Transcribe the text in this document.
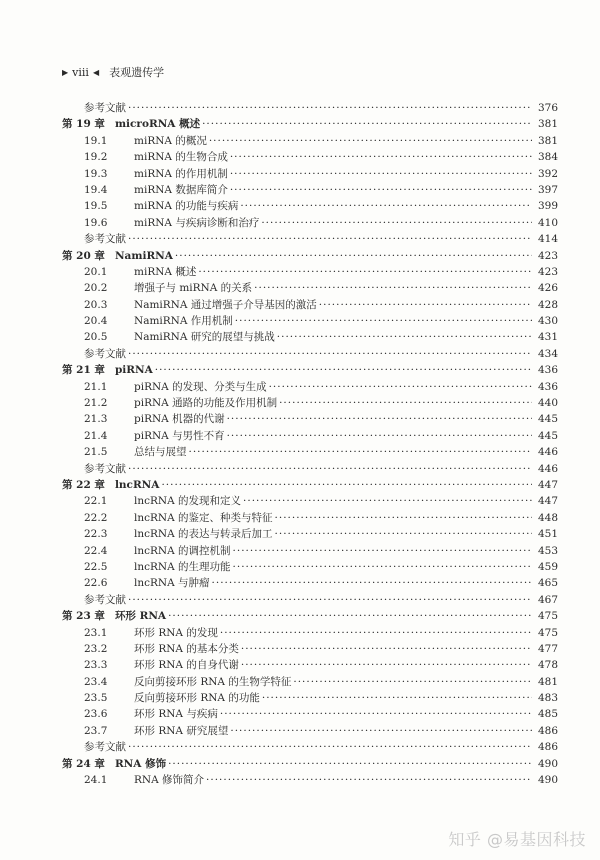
▶ viii ◀ 表观遗传学
参考文献 ·····	376
第 19 章 microRNA 概述 ·····	381
19.1	miRNA 的概况 ·····	381
19.2	miRNA 的生物合成 ·····	384
19.3	miRNA 的作用机制 ·····	392
19.4	miRNA 数据库简介 ·····	397
19.5	miRNA 的功能与疾病 ·····	399
19.6	miRNA 与疾病诊断和治疗 ·····	410
参考文献 ·····	414
第 20 章 NamiRNA ·····	423
20.1	miRNA 概述 ·····	423
20.2	增强子与 miRNA 的关系 ·····	426
20.3	NamiRNA 通过增强子介导基因的激活 ·····	428
20.4	NamiRNA 作用机制 ·····	430
20.5	NamiRNA 研究的展望与挑战 ·····	431
参考文献 ·····	434
第 21 章 piRNA ·····	436
21.1	piRNA 的发现、分类与生成 ·····	436
21.2	piRNA 通路的功能及作用机制 ·····	440
21.3	piRNA 机器的代谢 ·····	445
21.4	piRNA 与男性不育 ·····	445
21.5	总结与展望 ·····	446
参考文献 ·····	446
第 22 章 lncRNA ·····	447
22.1	lncRNA 的发现和定义 ·····	447
22.2	lncRNA 的鉴定、种类与特征 ·····	448
22.3	lncRNA 的表达与转录后加工 ·····	451
22.4	lncRNA 的调控机制 ·····	453
22.5	lncRNA 的生理功能 ·····	459
22.6	lncRNA 与肿瘤 ·····	465
参考文献 ·····	467
第 23 章 环形 RNA ·····	475
23.1	环形 RNA 的发现 ·····	475
23.2	环形 RNA 的基本分类 ·····	477
23.3	环形 RNA 的自身代谢 ·····	478
23.4	反向剪接环形 RNA 的生物学特征 ·····	481
23.5	反向剪接环形 RNA 的功能 ·····	483
23.6	环形 RNA 与疾病 ·····	485
23.7	环形 RNA 研究展望 ·····	486
参考文献 ·····	486
第 24 章 RNA 修饰 ·····	490
24.1	RNA 修饰简介 ·····	490
知乎 @易基因科技
